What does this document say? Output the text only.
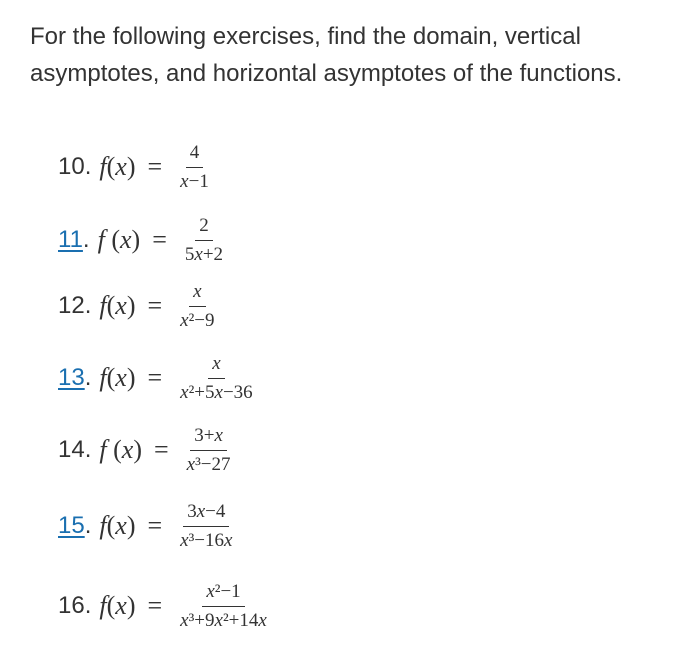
For the following exercises, find the domain, vertical asymptotes, and horizontal asymptotes of the functions.

10 . $f(x) = \frac{4}{x-1}$
11 . f $(x) = \frac{2}{5x+2}$
12 . $f(x) = \frac{x}{\text{x²−9}}$
13 . $f(x) = \frac{x}{\text{x²+5x−36}}$
14 . f $(x) = \frac{3+x}{\text{x³−27}}$
15 . $f(x) = \frac{3x-4}{\text{x³−16x}}$
16 . $f(x) = \frac{\text{x²−1}}{\text{x³+9x²+14x}}$
